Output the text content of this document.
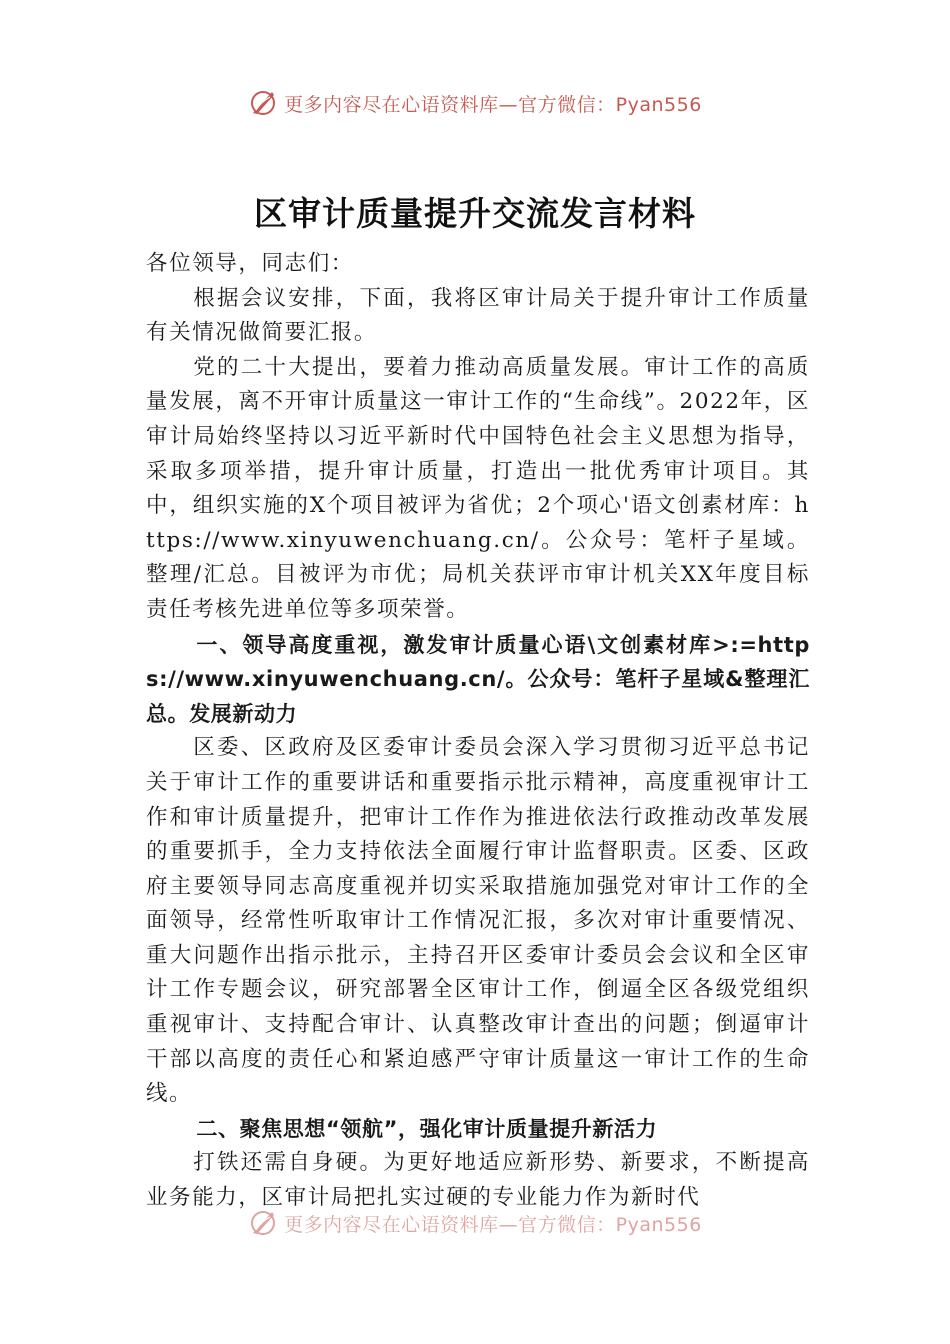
更多内容尽在心语资料库—官方微信：Pyan556
区审计质量提升交流发言材料

各位领导，同志们：

根据会议安排，下面，我将区审计局关于提升审计工作质量有关情况做简要汇报。

党的二十大提出，要着力推动高质量发展。审计工作的高质量发展，离不开审计质量这一审计工作的“生命线”。2022年，区审计局始终坚持以习近平新时代中国特色社会主义思想为指导，采取多项举措，提升审计质量，打造出一批优秀审计项目。其中，组织实施的X个项目被评为省优；2个项心'语文创素材库：https://www.xinyuwenchuang.cn/。公众号：笔杆子星域。整理/汇总。目被评为市优；局机关获评市审计机关XX年度目标责任考核先进单位等多项荣誉。

一、领导高度重视，激发审计质量心语\文创素材库>:=https://www.xinyuwenchuang.cn/。公众号：笔杆子星域&整理汇总。发展新动力

区委、区政府及区委审计委员会深入学习贯彻习近平总书记关于审计工作的重要讲话和重要指示批示精神，高度重视审计工作和审计质量提升，把审计工作作为推进依法行政推动改革发展的重要抓手，全力支持依法全面履行审计监督职责。区委、区政府主要领导同志高度重视并切实采取措施加强党对审计工作的全面领导，经常性听取审计工作情况汇报，多次对审计重要情况、重大问题作出指示批示，主持召开区委审计委员会会议和全区审计工作专题会议，研究部署全区审计工作，倒逼全区各级党组织重视审计、支持配合审计、认真整改审计查出的问题；倒逼审计干部以高度的责任心和紧迫感严守审计质量这一审计工作的生命线。

二、聚焦思想“领航”，强化审计质量提升新活力

打铁还需自身硬。为更好地适应新形势、新要求，不断提高业务能力，区审计局把扎实过硬的专业能力作为新时代

更多内容尽在心语资料库—官方微信：Pyan556
